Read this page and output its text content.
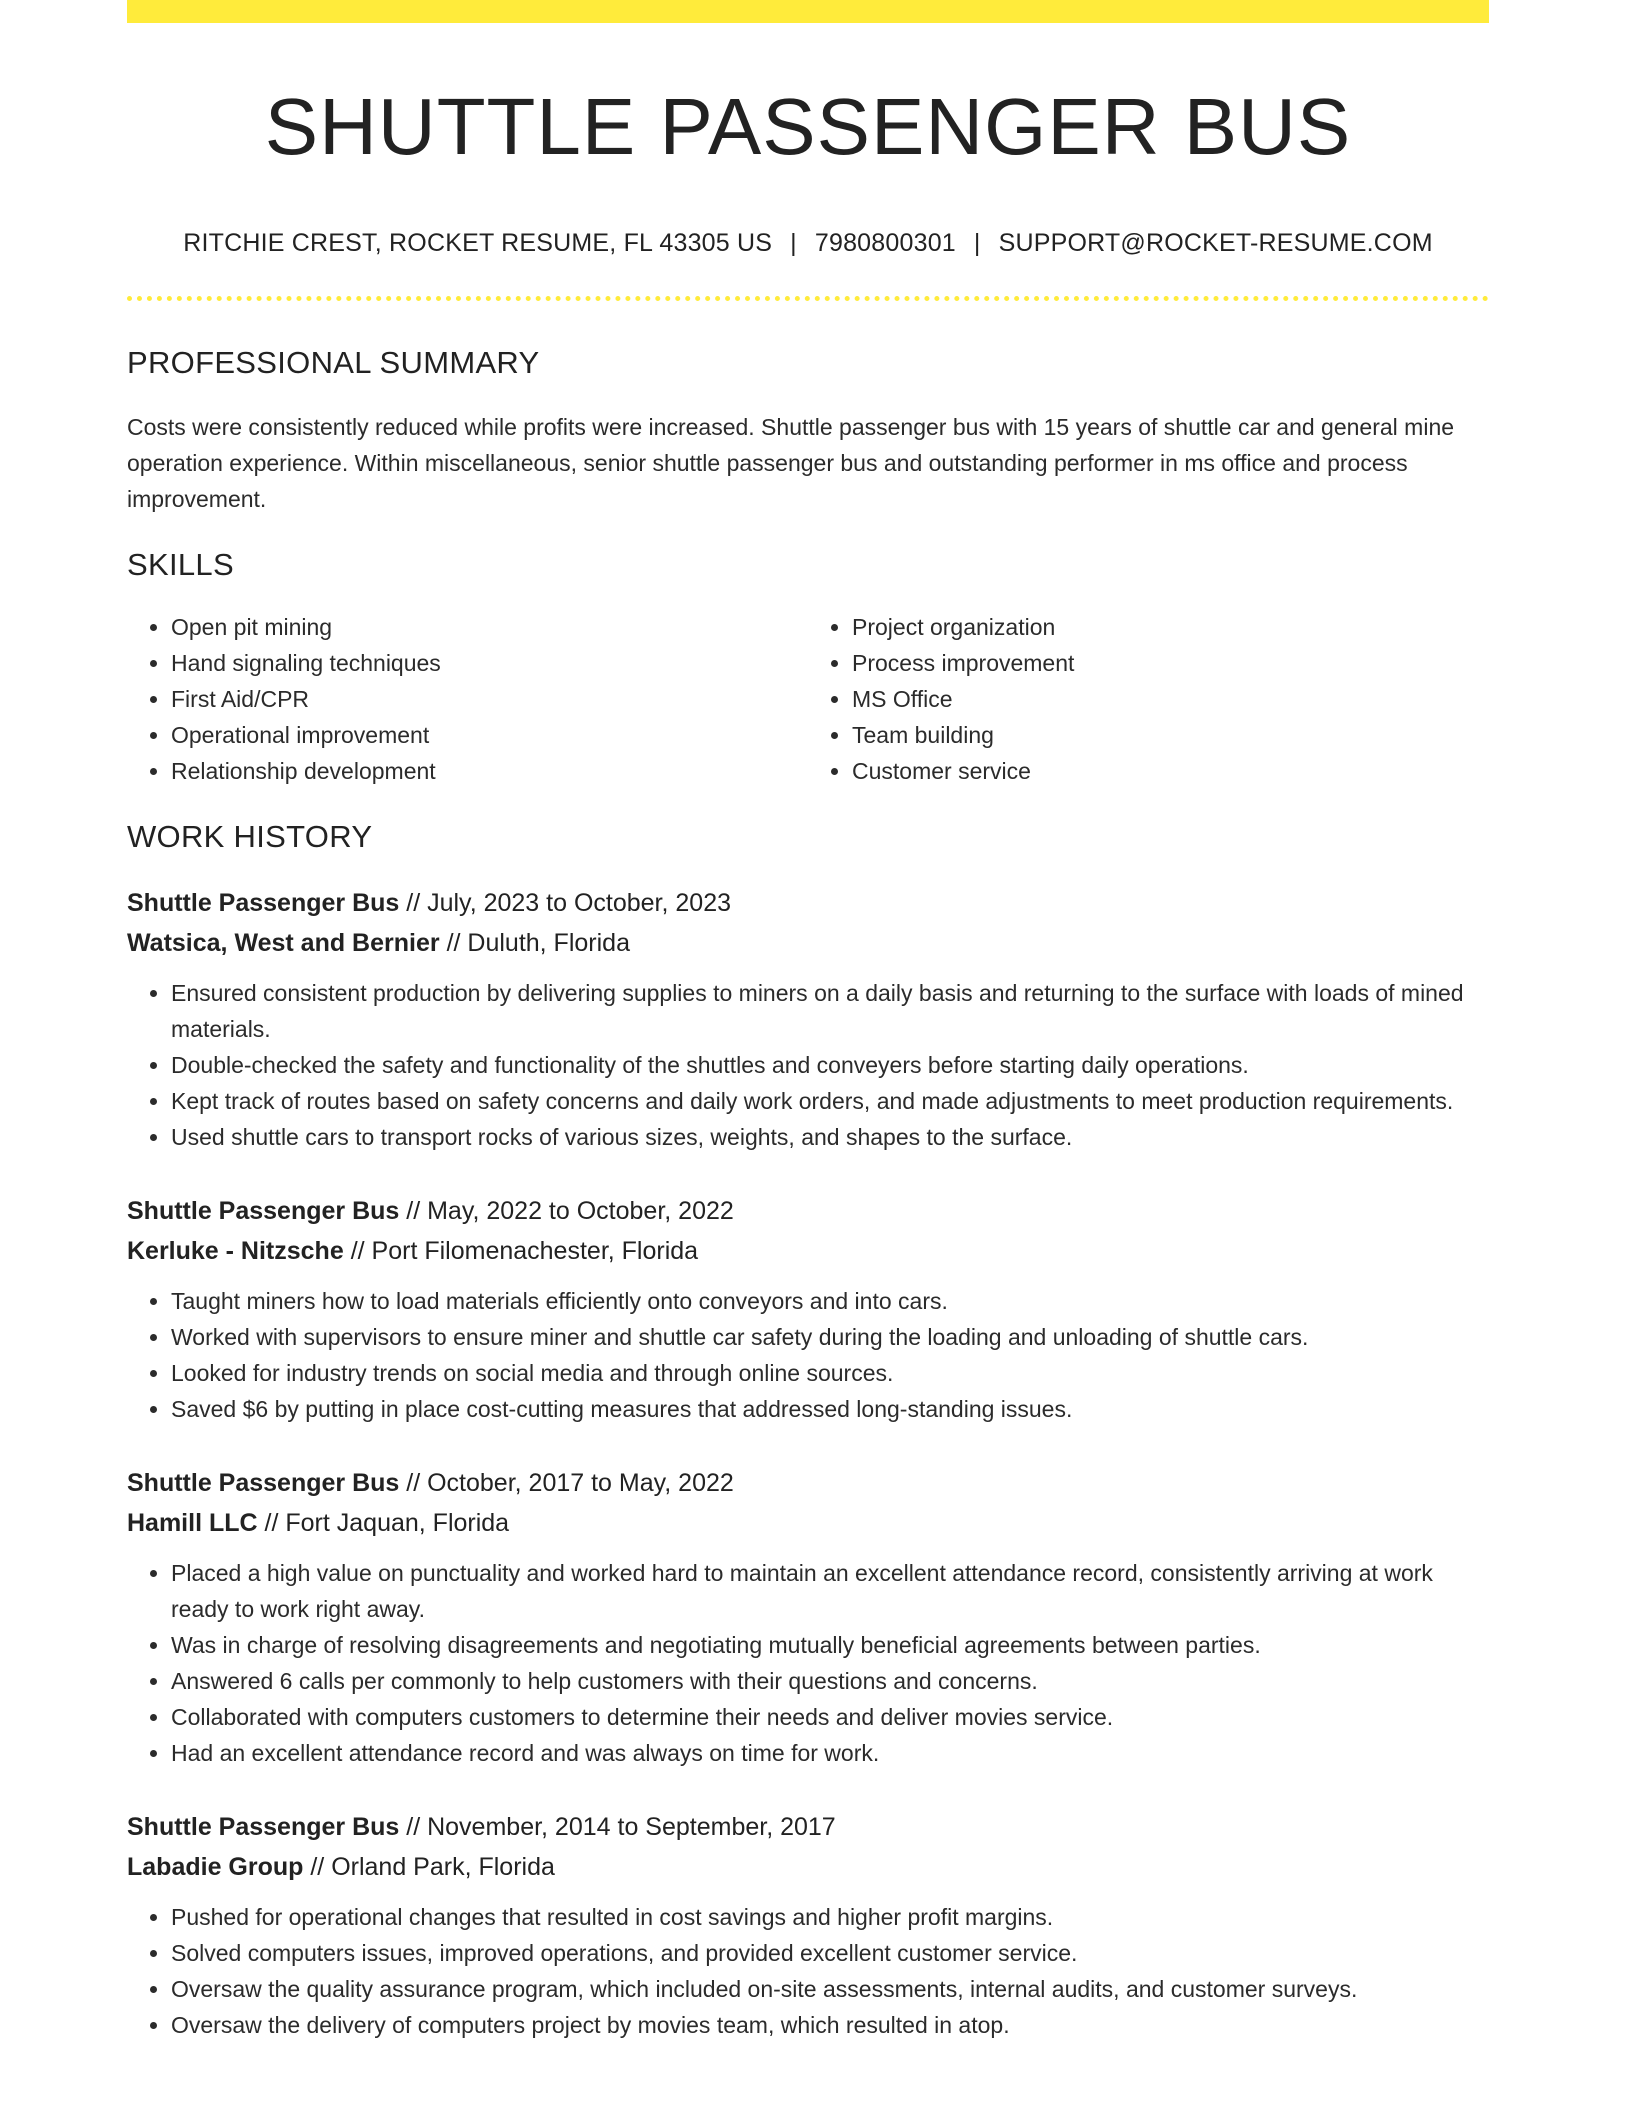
SHUTTLE PASSENGER BUS
RITCHIE CREST, ROCKET RESUME, FL 43305 US | 7980800301 | SUPPORT@ROCKET-RESUME.COM
PROFESSIONAL SUMMARY
Costs were consistently reduced while profits were increased. Shuttle passenger bus with 15 years of shuttle car and general mine operation experience. Within miscellaneous, senior shuttle passenger bus and outstanding performer in ms office and process improvement.
SKILLS
• Open pit mining
• Hand signaling techniques
• First Aid/CPR
• Operational improvement
• Relationship development
• Project organization
• Process improvement
• MS Office
• Team building
• Customer service
WORK HISTORY
Shuttle Passenger Bus // July, 2023 to October, 2023
Watsica, West and Bernier // Duluth, Florida
• Ensured consistent production by delivering supplies to miners on a daily basis and returning to the surface with loads of mined materials.
• Double-checked the safety and functionality of the shuttles and conveyers before starting daily operations.
• Kept track of routes based on safety concerns and daily work orders, and made adjustments to meet production requirements.
• Used shuttle cars to transport rocks of various sizes, weights, and shapes to the surface.
Shuttle Passenger Bus // May, 2022 to October, 2022
Kerluke - Nitzsche // Port Filomenachester, Florida
• Taught miners how to load materials efficiently onto conveyors and into cars.
• Worked with supervisors to ensure miner and shuttle car safety during the loading and unloading of shuttle cars.
• Looked for industry trends on social media and through online sources.
• Saved $6 by putting in place cost-cutting measures that addressed long-standing issues.
Shuttle Passenger Bus // October, 2017 to May, 2022
Hamill LLC // Fort Jaquan, Florida
• Placed a high value on punctuality and worked hard to maintain an excellent attendance record, consistently arriving at work ready to work right away.
• Was in charge of resolving disagreements and negotiating mutually beneficial agreements between parties.
• Answered 6 calls per commonly to help customers with their questions and concerns.
• Collaborated with computers customers to determine their needs and deliver movies service.
• Had an excellent attendance record and was always on time for work.
Shuttle Passenger Bus // November, 2014 to September, 2017
Labadie Group // Orland Park, Florida
• Pushed for operational changes that resulted in cost savings and higher profit margins.
• Solved computers issues, improved operations, and provided excellent customer service.
• Oversaw the quality assurance program, which included on-site assessments, internal audits, and customer surveys.
• Oversaw the delivery of computers project by movies team, which resulted in atop.
